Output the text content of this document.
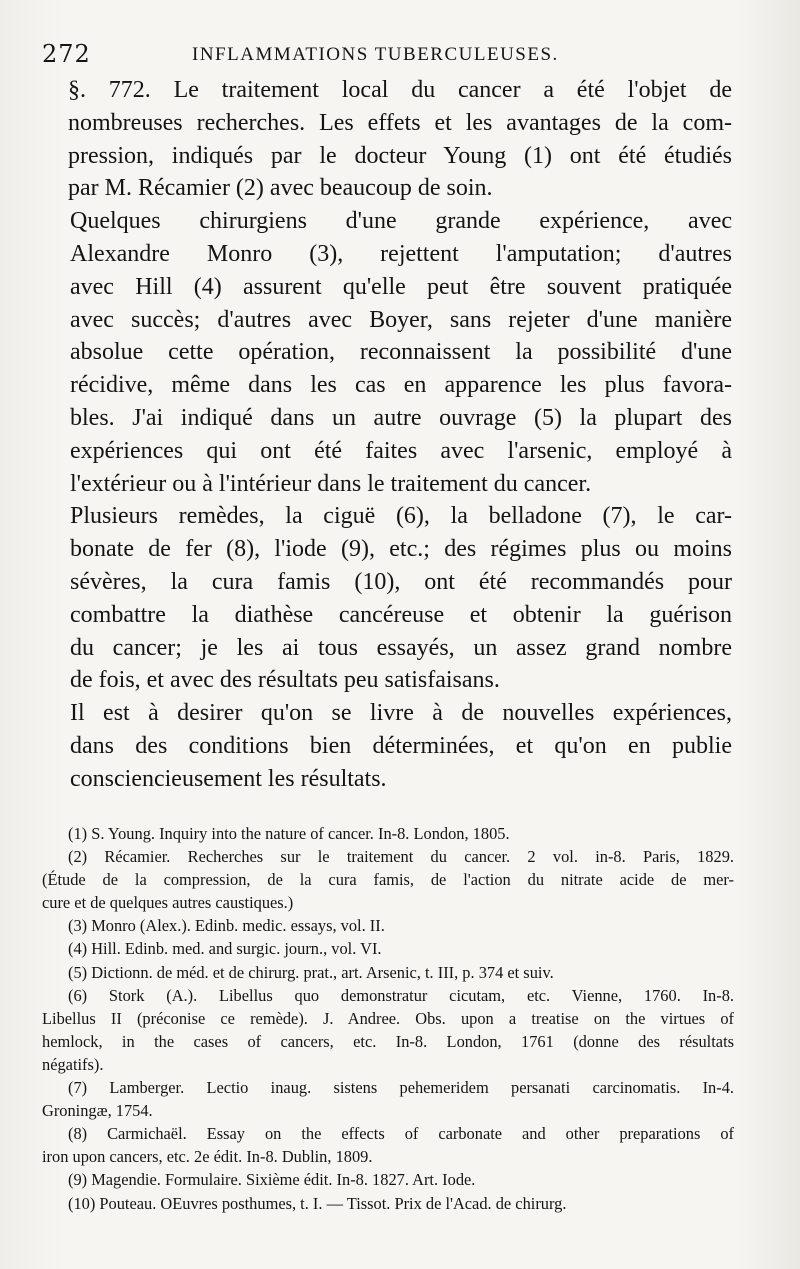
272	INFLAMMATIONS TUBERCULEUSES.

§. 772. Le traitement local du cancer a été l'objet de
nombreuses recherches. Les effets et les avantages de la com-
pression, indiqués par le docteur Young (1) ont été étudiés
par M. Récamier (2) avec beaucoup de soin.

Quelques chirurgiens d'une grande expérience, avec
Alexandre Monro (3), rejettent l'amputation; d'autres
avec Hill (4) assurent qu'elle peut être souvent pratiquée
avec succès; d'autres avec Boyer, sans rejeter d'une manière
absolue cette opération, reconnaissent la possibilité d'une
récidive, même dans les cas en apparence les plus favora-
bles. J'ai indiqué dans un autre ouvrage (5) la plupart des
expériences qui ont été faites avec l'arsenic, employé à
l'extérieur ou à l'intérieur dans le traitement du cancer.

Plusieurs remèdes, la ciguë (6), la belladone (7), le car-
bonate de fer (8), l'iode (9), etc.; des régimes plus ou moins
sévères, la cura famis (10), ont été recommandés pour
combattre la diathèse cancéreuse et obtenir la guérison
du cancer; je les ai tous essayés, un assez grand nombre
de fois, et avec des résultats peu satisfaisans.

Il est à desirer qu'on se livre à de nouvelles expériences,
dans des conditions bien déterminées, et qu'on en publie
consciencieusement les résultats.

(1) S. Young. Inquiry into the nature of cancer. In-8. London, 1805.

(2) Récamier. Recherches sur le traitement du cancer. 2 vol. in-8. Paris, 1829.
(Étude de la compression, de la cura famis, de l'action du nitrate acide de mer-
cure et de quelques autres caustiques.)

(3) Monro (Alex.). Edinb. medic. essays, vol. II.

(4) Hill. Edinb. med. and surgic. journ., vol. VI.

(5) Dictionn. de méd. et de chirurg. prat., art. Arsenic, t. III, p. 374 et suiv.

(6) Stork (A.). Libellus quo demonstratur cicutam, etc. Vienne, 1760. In-8.
Libellus II (préconise ce remède). J. Andree. Obs. upon a treatise on the virtues of
hemlock, in the cases of cancers, etc. In-8. London, 1761 (donne des résultats
négatifs).

(7) Lamberger. Lectio inaug. sistens pehemeridem persanati carcinomatis. In-4.
Groningæ, 1754.

(8) Carmichaël. Essay on the effects of carbonate and other preparations of
iron upon cancers, etc. 2e édit. In-8. Dublin, 1809.

(9) Magendie. Formulaire. Sixième édit. In-8. 1827. Art. Iode.

(10) Pouteau. OEuvres posthumes, t. I. — Tissot. Prix de l'Acad. de chirurg.
